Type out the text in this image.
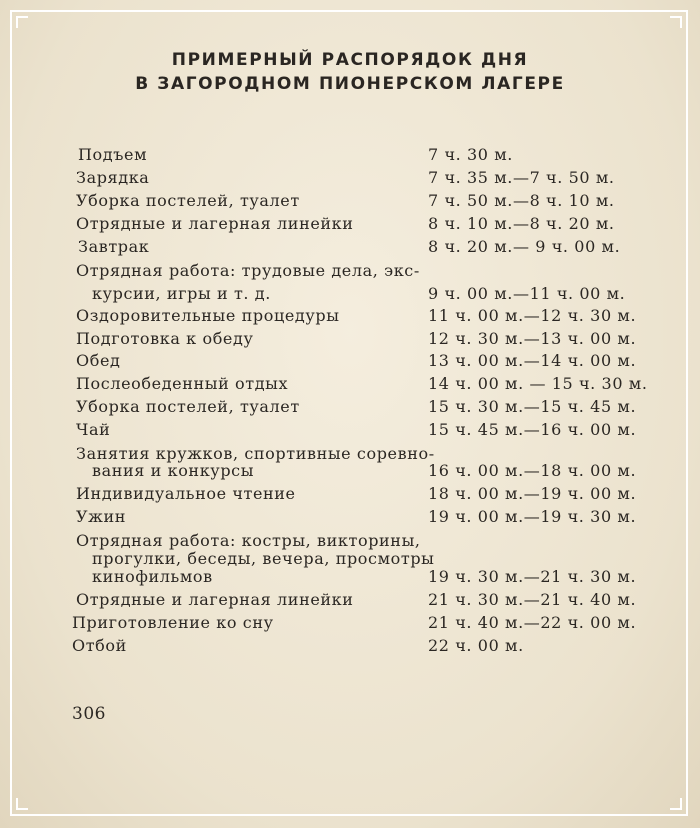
ПРИМЕРНЫЙ РАСПОРЯДОК ДНЯ
В ЗАГОРОДНОМ ПИОНЕРСКОМ ЛАГЕРЕ
Подъем	7 ч. 30 м.
Зарядка	7 ч. 35 м.—7 ч. 50 м.
Уборка постелей, туалет	7 ч. 50 м.—8 ч. 10 м.
Отрядные и лагерная линейки	8 ч. 10 м.—8 ч. 20 м.
Завтрак	8 ч. 20 м.— 9 ч. 00 м.
Отрядная работа: трудовые дела, экс-
курсии, игры и т. д.	9 ч. 00 м.—11 ч. 00 м.
Оздоровительные процедуры	11 ч. 00 м.—12 ч. 30 м.
Подготовка к обеду	12 ч. 30 м.—13 ч. 00 м.
Обед	13 ч. 00 м.—14 ч. 00 м.
Послеобеденный отдых	14 ч. 00 м. — 15 ч. 30 м.
Уборка постелей, туалет	15 ч. 30 м.—15 ч. 45 м.
Чай	15 ч. 45 м.—16 ч. 00 м.
Занятия кружков, спортивные соревно-
вания и конкурсы	16 ч. 00 м.—18 ч. 00 м.
Индивидуальное чтение	18 ч. 00 м.—19 ч. 00 м.
Ужин	19 ч. 00 м.—19 ч. 30 м.
Отрядная работа: костры, викторины,
прогулки, беседы, вечера, просмотры
кинофильмов	19 ч. 30 м.—21 ч. 30 м.
Отрядные и лагерная линейки	21 ч. 30 м.—21 ч. 40 м.
Приготовление ко сну	21 ч. 40 м.—22 ч. 00 м.
Отбой	22 ч. 00 м.
306
